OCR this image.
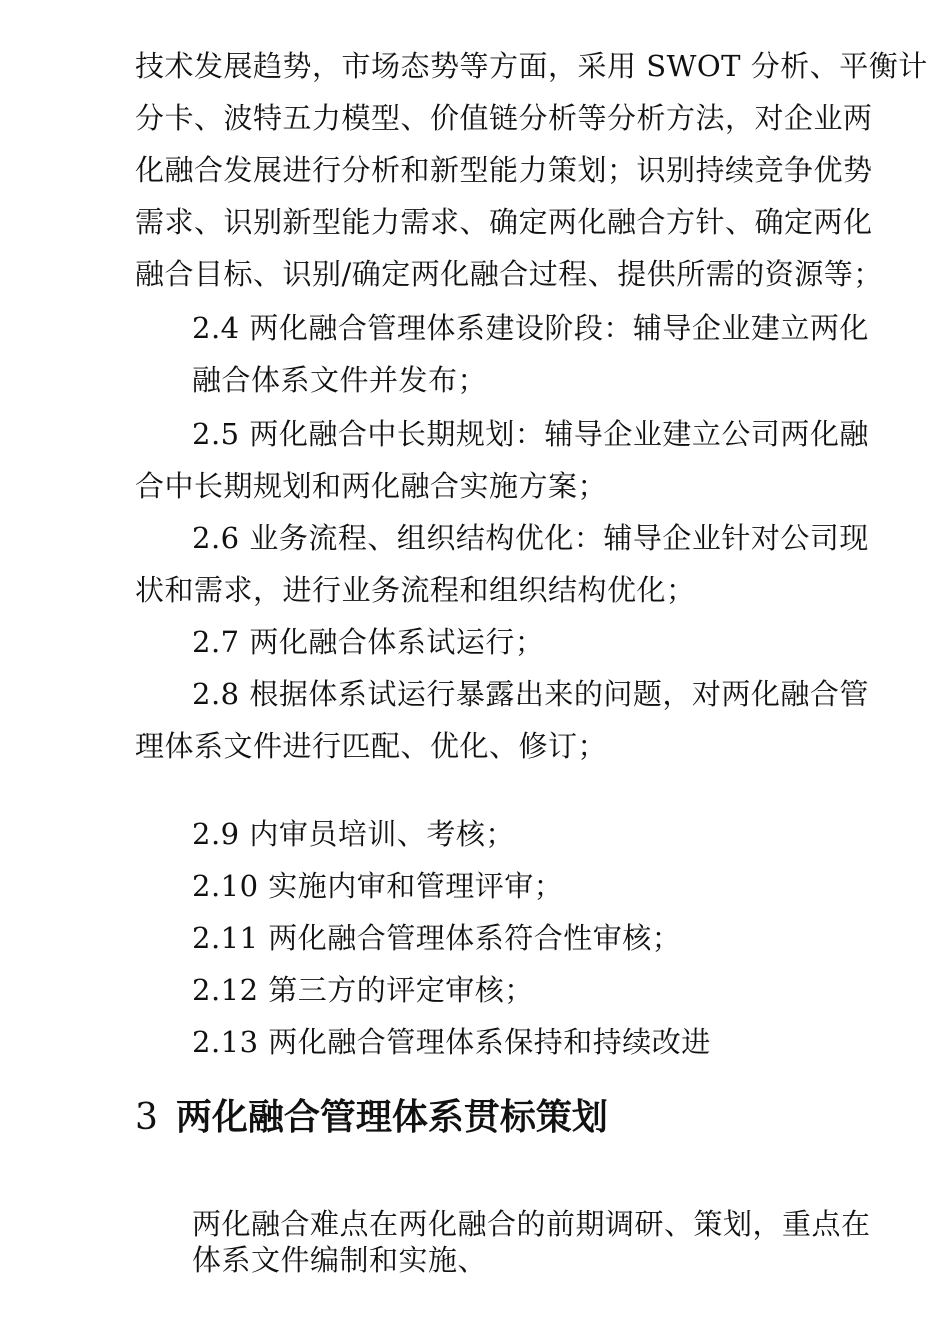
技术发展趋势，市场态势等方面，采用 SWOT 分析、平衡计
分卡、波特五力模型、价值链分析等分析方法，对企业两
化融合发展进行分析和新型能力策划；识别持续竞争优势
需求、识别新型能力需求、确定两化融合方针、确定两化
融合目标、识别/确定两化融合过程、提供所需的资源等；
2.4 两化融合管理体系建设阶段：辅导企业建立两化
融合体系文件并发布；
2.5 两化融合中长期规划：辅导企业建立公司两化融
合中长期规划和两化融合实施方案；
2.6 业务流程、组织结构优化：辅导企业针对公司现
状和需求，进行业务流程和组织结构优化；
2.7 两化融合体系试运行；
2.8 根据体系试运行暴露出来的问题，对两化融合管
理体系文件进行匹配、优化、修订；
2.9 内审员培训、考核；
2.10 实施内审和管理评审；
2.11 两化融合管理体系符合性审核；
2.12 第三方的评定审核；
2.13 两化融合管理体系保持和持续改进
3 两化融合管理体系贯标策划
两化融合难点在两化融合的前期调研、策划，重点在
体系文件编制和实施、
